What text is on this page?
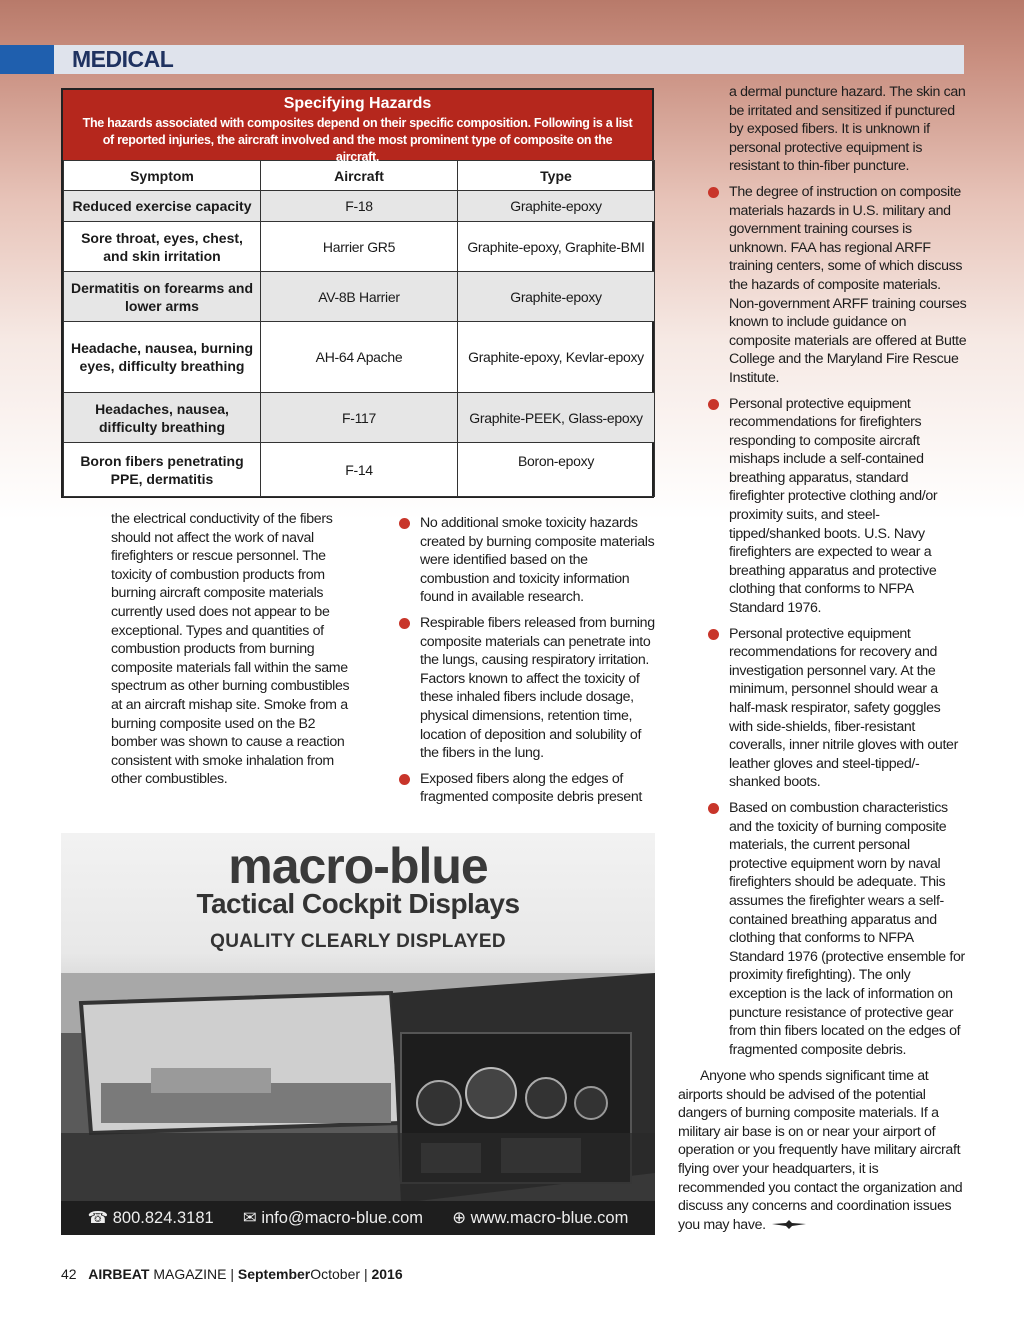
MEDICAL
Specifying Hazards
The hazards associated with composites depend on their specific composition. Following is a list of reported injuries, the aircraft involved and the most prominent type of composite on the aircraft.
Symptom	Aircraft	Type
Reduced exercise capacity	F-18	Graphite-epoxy
Sore throat, eyes, chest, and skin irritation	Harrier GR5	Graphite-epoxy, Graphite-BMI
Dermatitis on forearms and lower arms	AV-8B Harrier	Graphite-epoxy
Headache, nausea, burning eyes, difficulty breathing	AH-64 Apache	Graphite-epoxy, Kevlar-epoxy
Headaches, nausea, difficulty breathing	F-117	Graphite-PEEK, Glass-epoxy
Boron fibers penetrating PPE, dermatitis	F-14	Boron-epoxy

the electrical conductivity of the fibers should not affect the work of naval firefighters or rescue personnel. The toxicity of combustion products from burning aircraft composite materials currently used does not appear to be exceptional. Types and quantities of combustion products from burning composite materials fall within the same spectrum as other burning combustibles at an aircraft mishap site. Smoke from a burning composite used on the B2 bomber was shown to cause a reaction consistent with smoke inhalation from other combustibles.

No additional smoke toxicity hazards created by burning composite materials were identified based on the combustion and toxicity information found in available research.
Respirable fibers released from burning composite materials can penetrate into the lungs, causing respiratory irritation. Factors known to affect the toxicity of these inhaled fibers include dosage, physical dimensions, retention time, location of deposition and solubility of the fibers in the lung.
Exposed fibers along the edges of fragmented composite debris present

a dermal puncture hazard. The skin can be irritated and sensitized if punctured by exposed fibers. It is unknown if personal protective equipment is resistant to thin-fiber puncture.

The degree of instruction on composite materials hazards in U.S. military and government training courses is unknown. FAA has regional ARFF training centers, some of which discuss the hazards of composite materials. Non-government ARFF training courses known to include guidance on composite materials are offered at Butte College and the Maryland Fire Rescue Institute.
Personal protective equipment recommendations for firefighters responding to composite aircraft mishaps include a self-contained breathing apparatus, standard firefighter protective clothing and/or proximity suits, and steel-tipped/shanked boots. U.S. Navy firefighters are expected to wear a breathing apparatus and protective clothing that conforms to NFPA Standard 1976.
Personal protective equipment recommendations for recovery and investigation personnel vary. At the minimum, personnel should wear a half-mask respirator, safety goggles with side-shields, fiber-resistant coveralls, inner nitrile gloves with outer leather gloves and steel-tipped/-shanked boots.
Based on combustion characteristics and the toxicity of burning composite materials, the current personal protective equipment worn by naval firefighters should be adequate. This assumes the firefighter wears a self-contained breathing apparatus and clothing that conforms to NFPA Standard 1976 (protective ensemble for proximity firefighting). The only exception is the lack of information on puncture resistance of protective gear from thin fibers located on the edges of fragmented composite debris.

Anyone who spends significant time at airports should be advised of the potential dangers of burning composite materials. If a military air base is on or near your airport of operation or you frequently have military aircraft flying over your headquarters, it is recommended you contact the organization and discuss any concerns and coordination issues you may have.

macro-blue
Tactical Cockpit Displays
QUALITY CLEARLY DISPLAYED
☎ 800.824.3181 ✉ info@macro-blue.com ⊕ www.macro-blue.com
42 AIRBEAT MAGAZINE | SeptemberOctober | 2016
